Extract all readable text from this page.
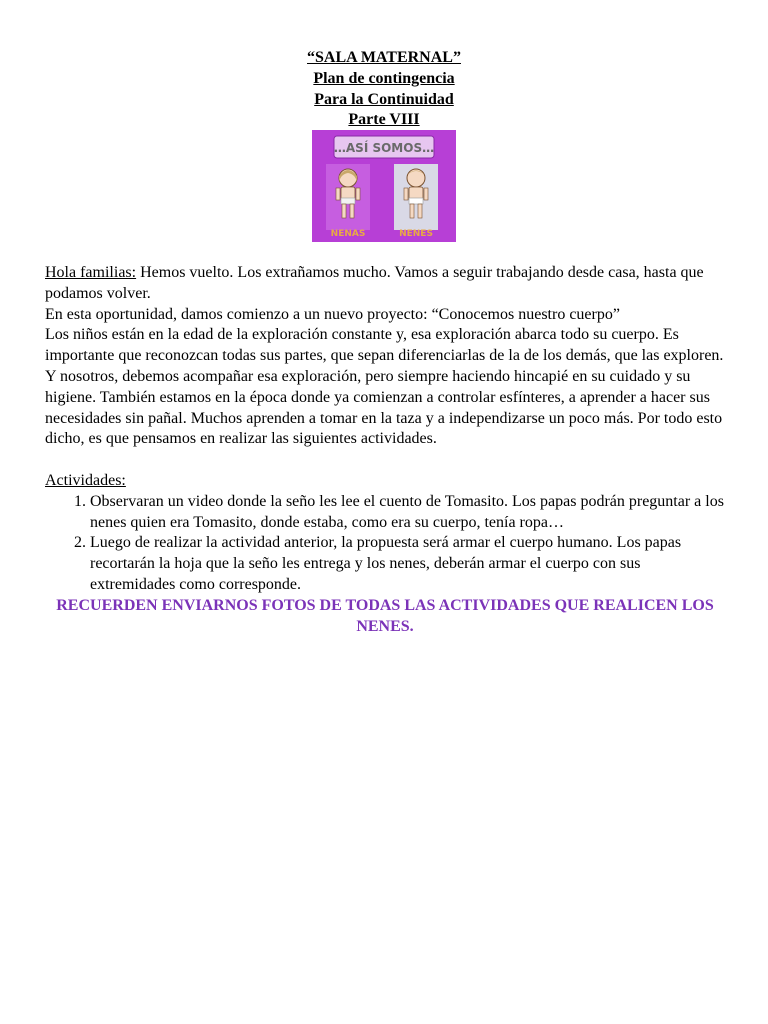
“SALA MATERNAL”
Plan de contingencia
Para la Continuidad
Parte VIII
…ASÍ SOMOS…
NENAS	NENES

Hola familias: Hemos vuelto. Los extrañamos mucho. Vamos a seguir trabajando desde casa, hasta que podamos volver.

En esta oportunidad, damos comienzo a un nuevo proyecto: “Conocemos nuestro cuerpo”

Los niños están en la edad de la exploración constante y, esa exploración abarca todo su cuerpo. Es importante que reconozcan todas sus partes, que sepan diferenciarlas de la de los demás, que las exploren. Y nosotros, debemos acompañar esa exploración, pero siempre haciendo hincapié en su cuidado y su higiene. También estamos en la época donde ya comienzan a controlar esfínteres, a aprender a hacer sus necesidades sin pañal. Muchos aprenden a tomar en la taza y a independizarse un poco más. Por todo esto dicho, es que pensamos en realizar las siguientes actividades.

Actividades:

1. Observaran un video donde la seño les lee el cuento de Tomasito. Los papas podrán preguntar a los nenes quien era Tomasito, donde estaba, como era su cuerpo, tenía ropa…
2. Luego de realizar la actividad anterior, la propuesta será armar el cuerpo humano. Los papas recortarán la hoja que la seño les entrega y los nenes, deberán armar el cuerpo con sus extremidades como corresponde.

RECUERDEN ENVIARNOS FOTOS DE TODAS LAS ACTIVIDADES QUE REALICEN LOS NENES.
